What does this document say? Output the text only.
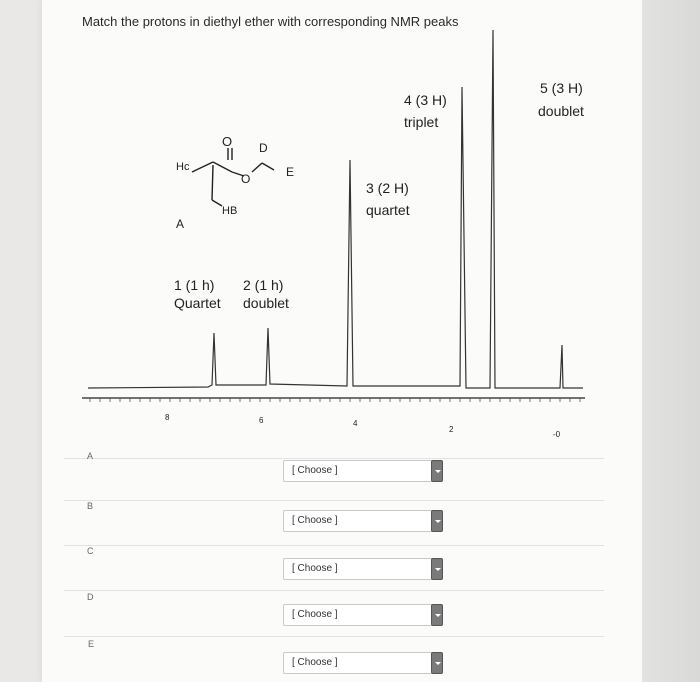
Match the protons in diethyl ether with corresponding NMR peaks
O D
Hc
O	E
HB
A
1 (1 h)
Quartet
2 (1 h)
doublet
3 (2 H)
quartet
4 (3 H)
triplet
5 (3 H)
doublet
8	6	4
2
-0
A
[ Choose ]
B
[ Choose ]
C
[ Choose ]
D
[ Choose ]
E
[ Choose ]
